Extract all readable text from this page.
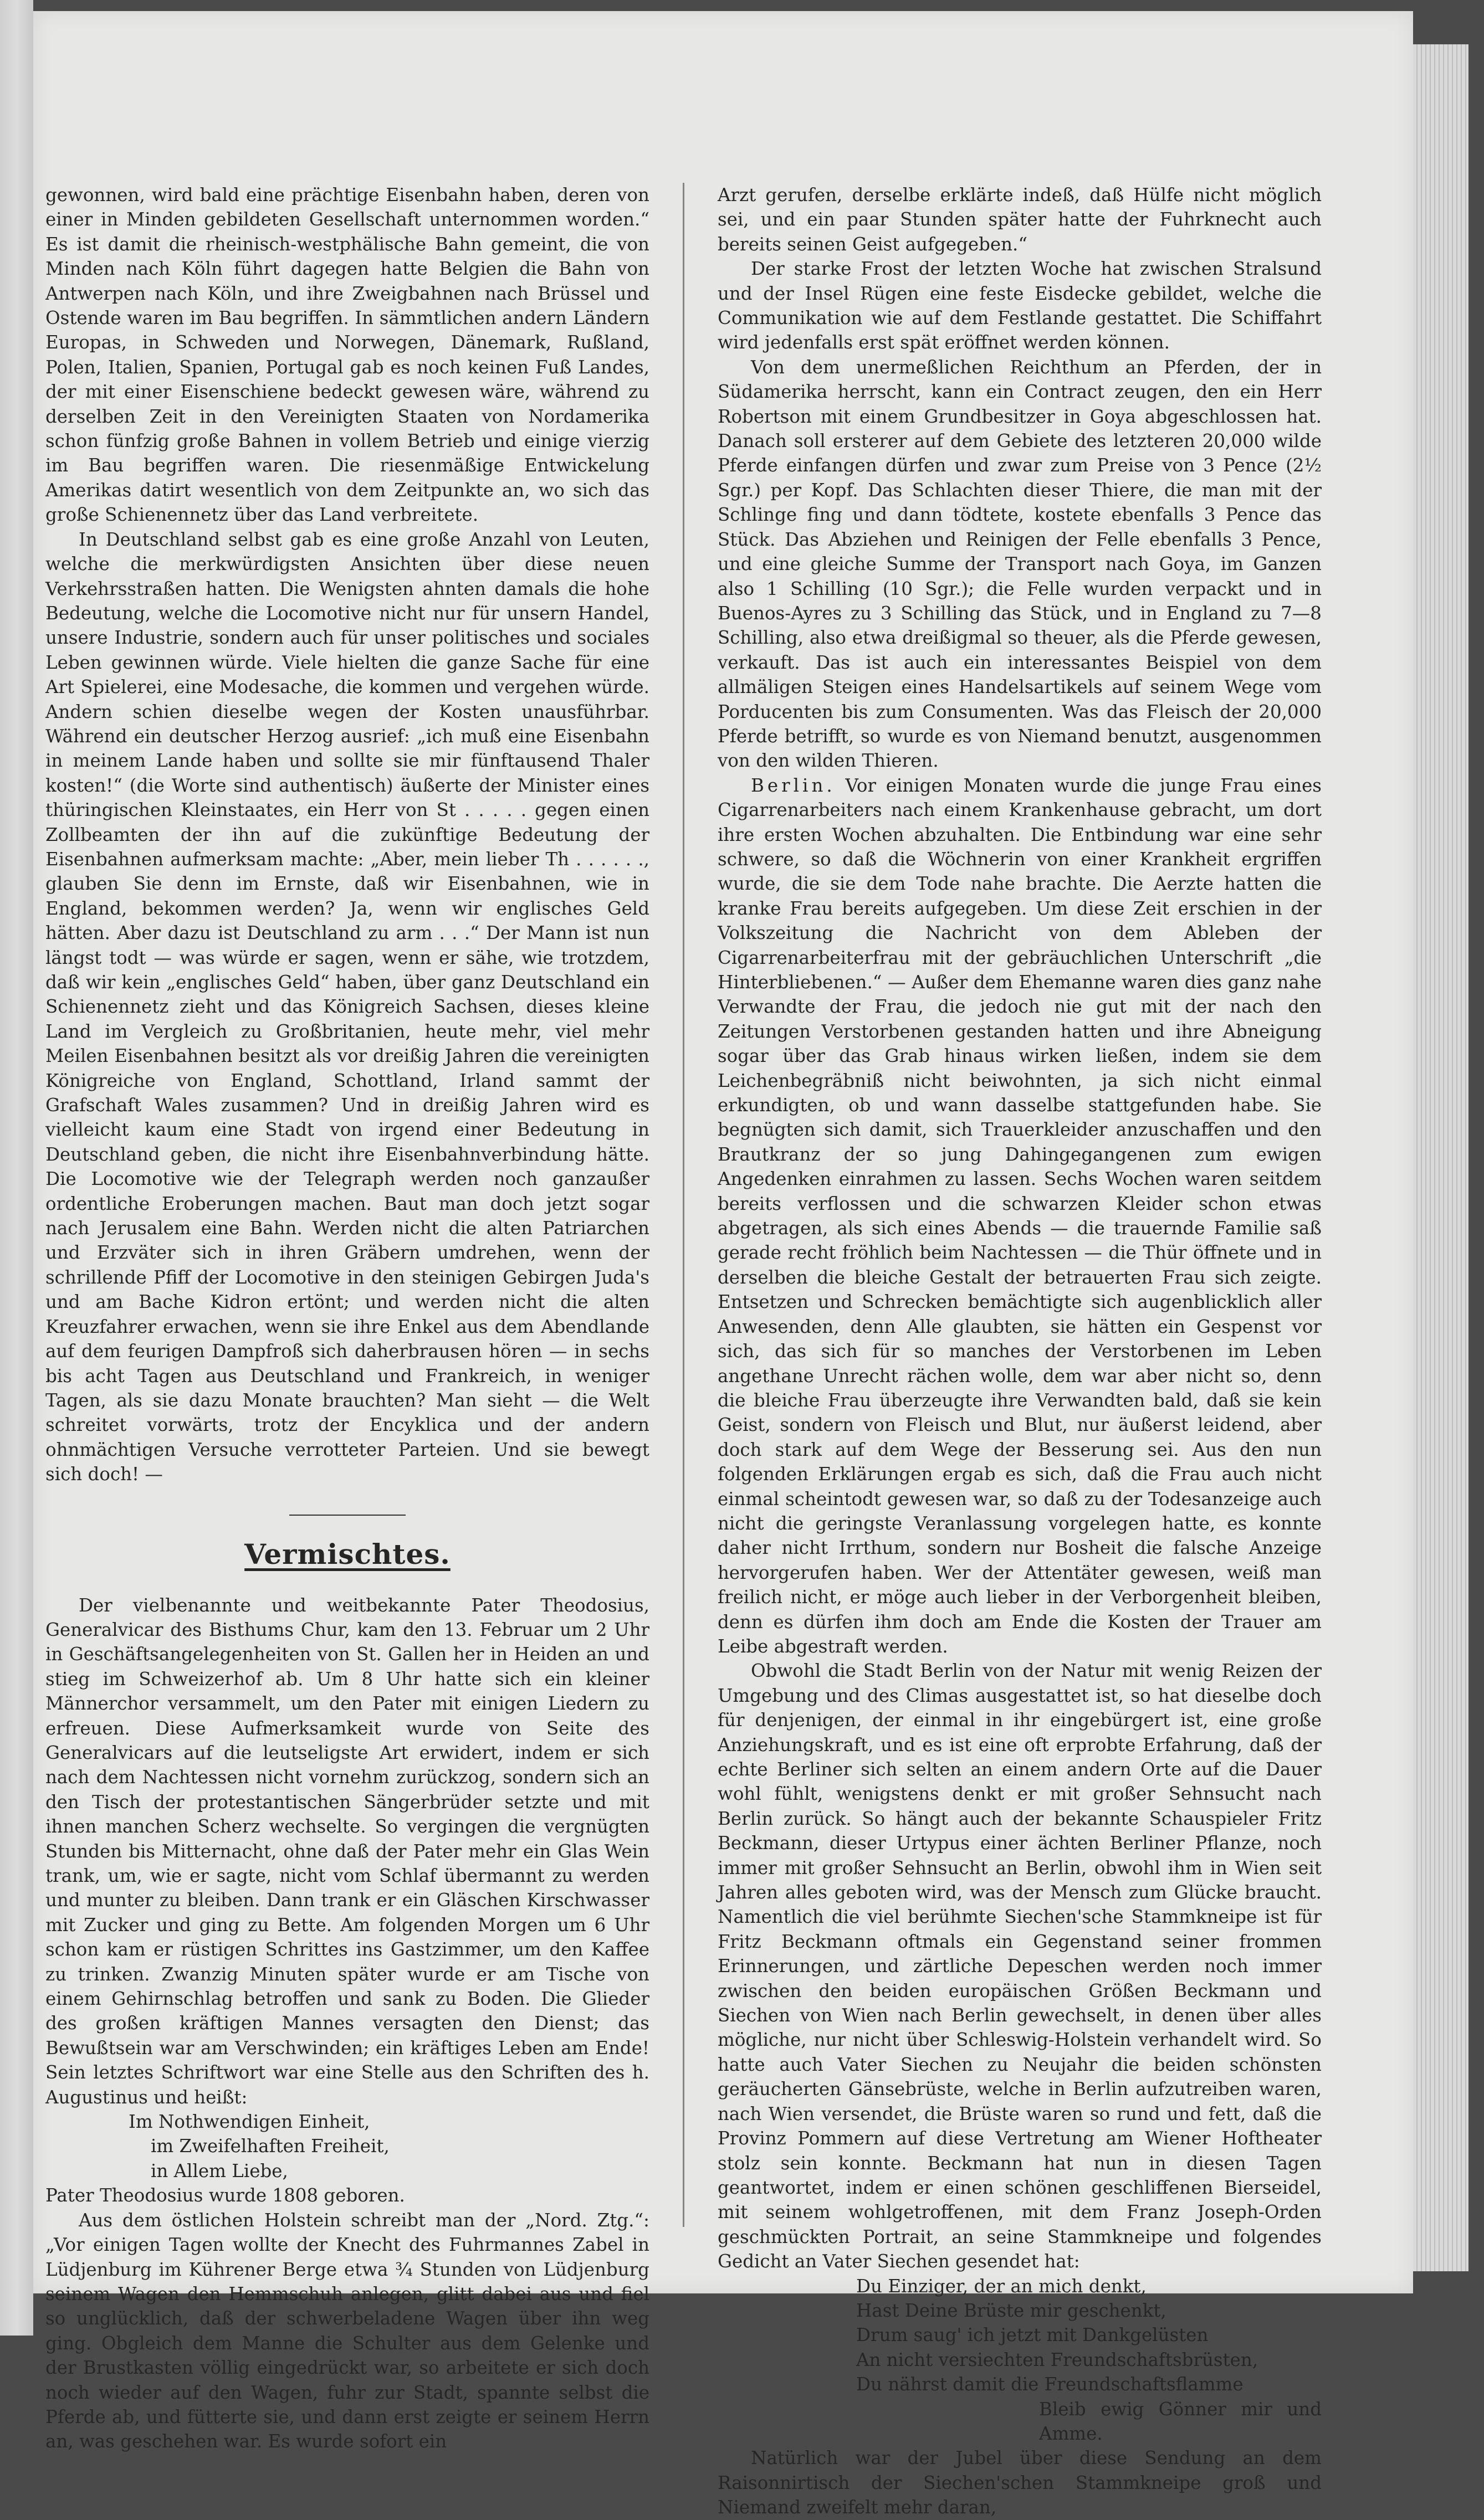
gewonnen, wird bald eine prächtige Eisenbahn haben, deren von einer in Minden gebildeten Gesellschaft unternommen worden.“ Es ist damit die rheinisch-westphälische Bahn gemeint, die von Minden nach Köln führt dagegen hatte Belgien die Bahn von Antwerpen nach Köln, und ihre Zweigbahnen nach Brüssel und Ostende waren im Bau begriffen. In sämmtlichen andern Ländern Europas, in Schweden und Norwegen, Dänemark, Rußland, Polen, Italien, Spanien, Portugal gab es noch keinen Fuß Landes, der mit einer Eisenschiene bedeckt gewesen wäre, während zu derselben Zeit in den Vereinigten Staaten von Nordamerika schon fünfzig große Bahnen in vollem Betrieb und einige vierzig im Bau begriffen waren. Die riesenmäßige Entwickelung Amerikas datirt wesentlich von dem Zeitpunkte an, wo sich das große Schienennetz über das Land verbreitete.

In Deutschland selbst gab es eine große Anzahl von Leuten, welche die merkwürdigsten Ansichten über diese neuen Verkehrsstraßen hatten. Die Wenigsten ahnten damals die hohe Bedeutung, welche die Locomotive nicht nur für unsern Handel, unsere Industrie, sondern auch für unser politisches und sociales Leben gewinnen würde. Viele hielten die ganze Sache für eine Art Spielerei, eine Modesache, die kommen und vergehen würde. Andern schien dieselbe wegen der Kosten unausführbar. Während ein deutscher Herzog ausrief: „ich muß eine Eisenbahn in meinem Lande haben und sollte sie mir fünftausend Thaler kosten!“ (die Worte sind authentisch) äußerte der Minister eines thüringischen Kleinstaates, ein Herr von St . . . . . gegen einen Zollbeamten der ihn auf die zukünftige Bedeutung der Eisenbahnen aufmerksam machte: „Aber, mein lieber Th . . . . . ., glauben Sie denn im Ernste, daß wir Eisenbahnen, wie in England, bekommen werden? Ja, wenn wir englisches Geld hätten. Aber dazu ist Deutschland zu arm . . .“ Der Mann ist nun längst todt — was würde er sagen, wenn er sähe, wie trotzdem, daß wir kein „englisches Geld“ haben, über ganz Deutschland ein Schienennetz zieht und das Königreich Sachsen, dieses kleine Land im Vergleich zu Großbritanien, heute mehr, viel mehr Meilen Eisenbahnen besitzt als vor dreißig Jahren die vereinigten Königreiche von England, Schottland, Irland sammt der Grafschaft Wales zusammen? Und in dreißig Jahren wird es vielleicht kaum eine Stadt von irgend einer Bedeutung in Deutschland geben, die nicht ihre Eisenbahnverbindung hätte. Die Locomotive wie der Telegraph werden noch ganzaußer ordentliche Eroberungen machen. Baut man doch jetzt sogar nach Jerusalem eine Bahn. Werden nicht die alten Patriarchen und Erzväter sich in ihren Gräbern umdrehen, wenn der schrillende Pfiff der Locomotive in den steinigen Gebirgen Juda's und am Bache Kidron ertönt; und werden nicht die alten Kreuzfahrer erwachen, wenn sie ihre Enkel aus dem Abendlande auf dem feurigen Dampfroß sich daherbrausen hören — in sechs bis acht Tagen aus Deutschland und Frankreich, in weniger Tagen, als sie dazu Monate brauchten? Man sieht — die Welt schreitet vorwärts, trotz der Encyklica und der andern ohnmächtigen Versuche verrotteter Parteien. Und sie bewegt sich doch! —

Vermischtes.

Der vielbenannte und weitbekannte Pater Theodosius, Generalvicar des Bisthums Chur, kam den 13. Februar um 2 Uhr in Geschäftsangelegenheiten von St. Gallen her in Heiden an und stieg im Schweizerhof ab. Um 8 Uhr hatte sich ein kleiner Männerchor versammelt, um den Pater mit einigen Liedern zu erfreuen. Diese Aufmerksamkeit wurde von Seite des Generalvicars auf die leutseligste Art erwidert, indem er sich nach dem Nachtessen nicht vornehm zurückzog, sondern sich an den Tisch der protestantischen Sängerbrüder setzte und mit ihnen manchen Scherz wechselte. So vergingen die vergnügten Stunden bis Mitternacht, ohne daß der Pater mehr ein Glas Wein trank, um, wie er sagte, nicht vom Schlaf übermannt zu werden und munter zu bleiben. Dann trank er ein Gläschen Kirschwasser mit Zucker und ging zu Bette. Am folgenden Morgen um 6 Uhr schon kam er rüstigen Schrittes ins Gastzimmer, um den Kaffee zu trinken. Zwanzig Minuten später wurde er am Tische von einem Gehirnschlag betroffen und sank zu Boden. Die Glieder des großen kräftigen Mannes versagten den Dienst; das Bewußtsein war am Verschwinden; ein kräftiges Leben am Ende! Sein letztes Schriftwort war eine Stelle aus den Schriften des h. Augustinus und heißt:

Im Nothwendigen Einheit,
im Zweifelhaften Freiheit,
in Allem Liebe,

Pater Theodosius wurde 1808 geboren.

Aus dem östlichen Holstein schreibt man der „Nord. Ztg.“: „Vor einigen Tagen wollte der Knecht des Fuhrmannes Zabel in Lüdjenburg im Kührener Berge etwa ¾ Stunden von Lüdjenburg seinem Wagen den Hemmschuh anlegen, glitt dabei aus und fiel so unglücklich, daß der schwerbeladene Wagen über ihn weg ging. Obgleich dem Manne die Schulter aus dem Gelenke und der Brustkasten völlig eingedrückt war, so arbeitete er sich doch noch wieder auf den Wagen, fuhr zur Stadt, spannte selbst die Pferde ab, und fütterte sie, und dann erst zeigte er seinem Herrn an, was geschehen war. Es wurde sofort ein

Arzt gerufen, derselbe erklärte indeß, daß Hülfe nicht möglich sei, und ein paar Stunden später hatte der Fuhrknecht auch bereits seinen Geist aufgegeben.“

Der starke Frost der letzten Woche hat zwischen Stralsund und der Insel Rügen eine feste Eisdecke gebildet, welche die Communikation wie auf dem Festlande gestattet. Die Schiffahrt wird jedenfalls erst spät eröffnet werden können.

Von dem unermeßlichen Reichthum an Pferden, der in Südamerika herrscht, kann ein Contract zeugen, den ein Herr Robertson mit einem Grundbesitzer in Goya abgeschlossen hat. Danach soll ersterer auf dem Gebiete des letzteren 20,000 wilde Pferde einfangen dürfen und zwar zum Preise von 3 Pence (2½ Sgr.) per Kopf. Das Schlachten dieser Thiere, die man mit der Schlinge fing und dann tödtete, kostete ebenfalls 3 Pence das Stück. Das Abziehen und Reinigen der Felle ebenfalls 3 Pence, und eine gleiche Summe der Transport nach Goya, im Ganzen also 1 Schilling (10 Sgr.); die Felle wurden verpackt und in Buenos-Ayres zu 3 Schilling das Stück, und in England zu 7—8 Schilling, also etwa dreißigmal so theuer, als die Pferde gewesen, verkauft. Das ist auch ein interessantes Beispiel von dem allmäligen Steigen eines Handelsartikels auf seinem Wege vom Porducenten bis zum Consumenten. Was das Fleisch der 20,000 Pferde betrifft, so wurde es von Niemand benutzt, ausgenommen von den wilden Thieren.

Berlin. Vor einigen Monaten wurde die junge Frau eines Cigarrenarbeiters nach einem Krankenhause gebracht, um dort ihre ersten Wochen abzuhalten. Die Entbindung war eine sehr schwere, so daß die Wöchnerin von einer Krankheit ergriffen wurde, die sie dem Tode nahe brachte. Die Aerzte hatten die kranke Frau bereits aufgegeben. Um diese Zeit erschien in der Volkszeitung die Nachricht von dem Ableben der Cigarrenarbeiterfrau mit der gebräuchlichen Unterschrift „die Hinterbliebenen.“ — Außer dem Ehemanne waren dies ganz nahe Verwandte der Frau, die jedoch nie gut mit der nach den Zeitungen Verstorbenen gestanden hatten und ihre Abneigung sogar über das Grab hinaus wirken ließen, indem sie dem Leichenbegräbniß nicht beiwohnten, ja sich nicht einmal erkundigten, ob und wann dasselbe stattgefunden habe. Sie begnügten sich damit, sich Trauerkleider anzuschaffen und den Brautkranz der so jung Dahingegangenen zum ewigen Angedenken einrahmen zu lassen. Sechs Wochen waren seitdem bereits verflossen und die schwarzen Kleider schon etwas abgetragen, als sich eines Abends — die trauernde Familie saß gerade recht fröhlich beim Nachtessen — die Thür öffnete und in derselben die bleiche Gestalt der betrauerten Frau sich zeigte. Entsetzen und Schrecken bemächtigte sich augenblicklich aller Anwesenden, denn Alle glaubten, sie hätten ein Gespenst vor sich, das sich für so manches der Verstorbenen im Leben angethane Unrecht rächen wolle, dem war aber nicht so, denn die bleiche Frau überzeugte ihre Verwandten bald, daß sie kein Geist, sondern von Fleisch und Blut, nur äußerst leidend, aber doch stark auf dem Wege der Besserung sei. Aus den nun folgenden Erklärungen ergab es sich, daß die Frau auch nicht einmal scheintodt gewesen war, so daß zu der Todesanzeige auch nicht die geringste Veranlassung vorgelegen hatte, es konnte daher nicht Irrthum, sondern nur Bosheit die falsche Anzeige hervorgerufen haben. Wer der Attentäter gewesen, weiß man freilich nicht, er möge auch lieber in der Verborgenheit bleiben, denn es dürfen ihm doch am Ende die Kosten der Trauer am Leibe abgestraft werden.

Obwohl die Stadt Berlin von der Natur mit wenig Reizen der Umgebung und des Climas ausgestattet ist, so hat dieselbe doch für denjenigen, der einmal in ihr eingebürgert ist, eine große Anziehungskraft, und es ist eine oft erprobte Erfahrung, daß der echte Berliner sich selten an einem andern Orte auf die Dauer wohl fühlt, wenigstens denkt er mit großer Sehnsucht nach Berlin zurück. So hängt auch der bekannte Schauspieler Fritz Beckmann, dieser Urtypus einer ächten Berliner Pflanze, noch immer mit großer Sehnsucht an Berlin, obwohl ihm in Wien seit Jahren alles geboten wird, was der Mensch zum Glücke braucht. Namentlich die viel berühmte Siechen'sche Stammkneipe ist für Fritz Beckmann oftmals ein Gegenstand seiner frommen Erinnerungen, und zärtliche Depeschen werden noch immer zwischen den beiden europäischen Größen Beckmann und Siechen von Wien nach Berlin gewechselt, in denen über alles mögliche, nur nicht über Schleswig-Holstein verhandelt wird. So hatte auch Vater Siechen zu Neujahr die beiden schönsten geräucherten Gänsebrüste, welche in Berlin aufzutreiben waren, nach Wien versendet, die Brüste waren so rund und fett, daß die Provinz Pommern auf diese Vertretung am Wiener Hoftheater stolz sein konnte. Beckmann hat nun in diesen Tagen geantwortet, indem er einen schönen geschliffenen Bierseidel, mit seinem wohlgetroffenen, mit dem Franz Joseph-Orden geschmückten Portrait, an seine Stammkneipe und folgendes Gedicht an Vater Siechen gesendet hat:

Du Einziger, der an mich denkt,
Hast Deine Brüste mir geschenkt,
Drum saug' ich jetzt mit Dankgelüsten
An nicht versiechten Freundschaftsbrüsten,
Du nährst damit die Freundschaftsflamme
Bleib ewig Gönner mir und Amme.

Natürlich war der Jubel über diese Sendung an dem Raisonnirtisch der Siechen'schen Stammkneipe groß und Niemand zweifelt mehr daran,
